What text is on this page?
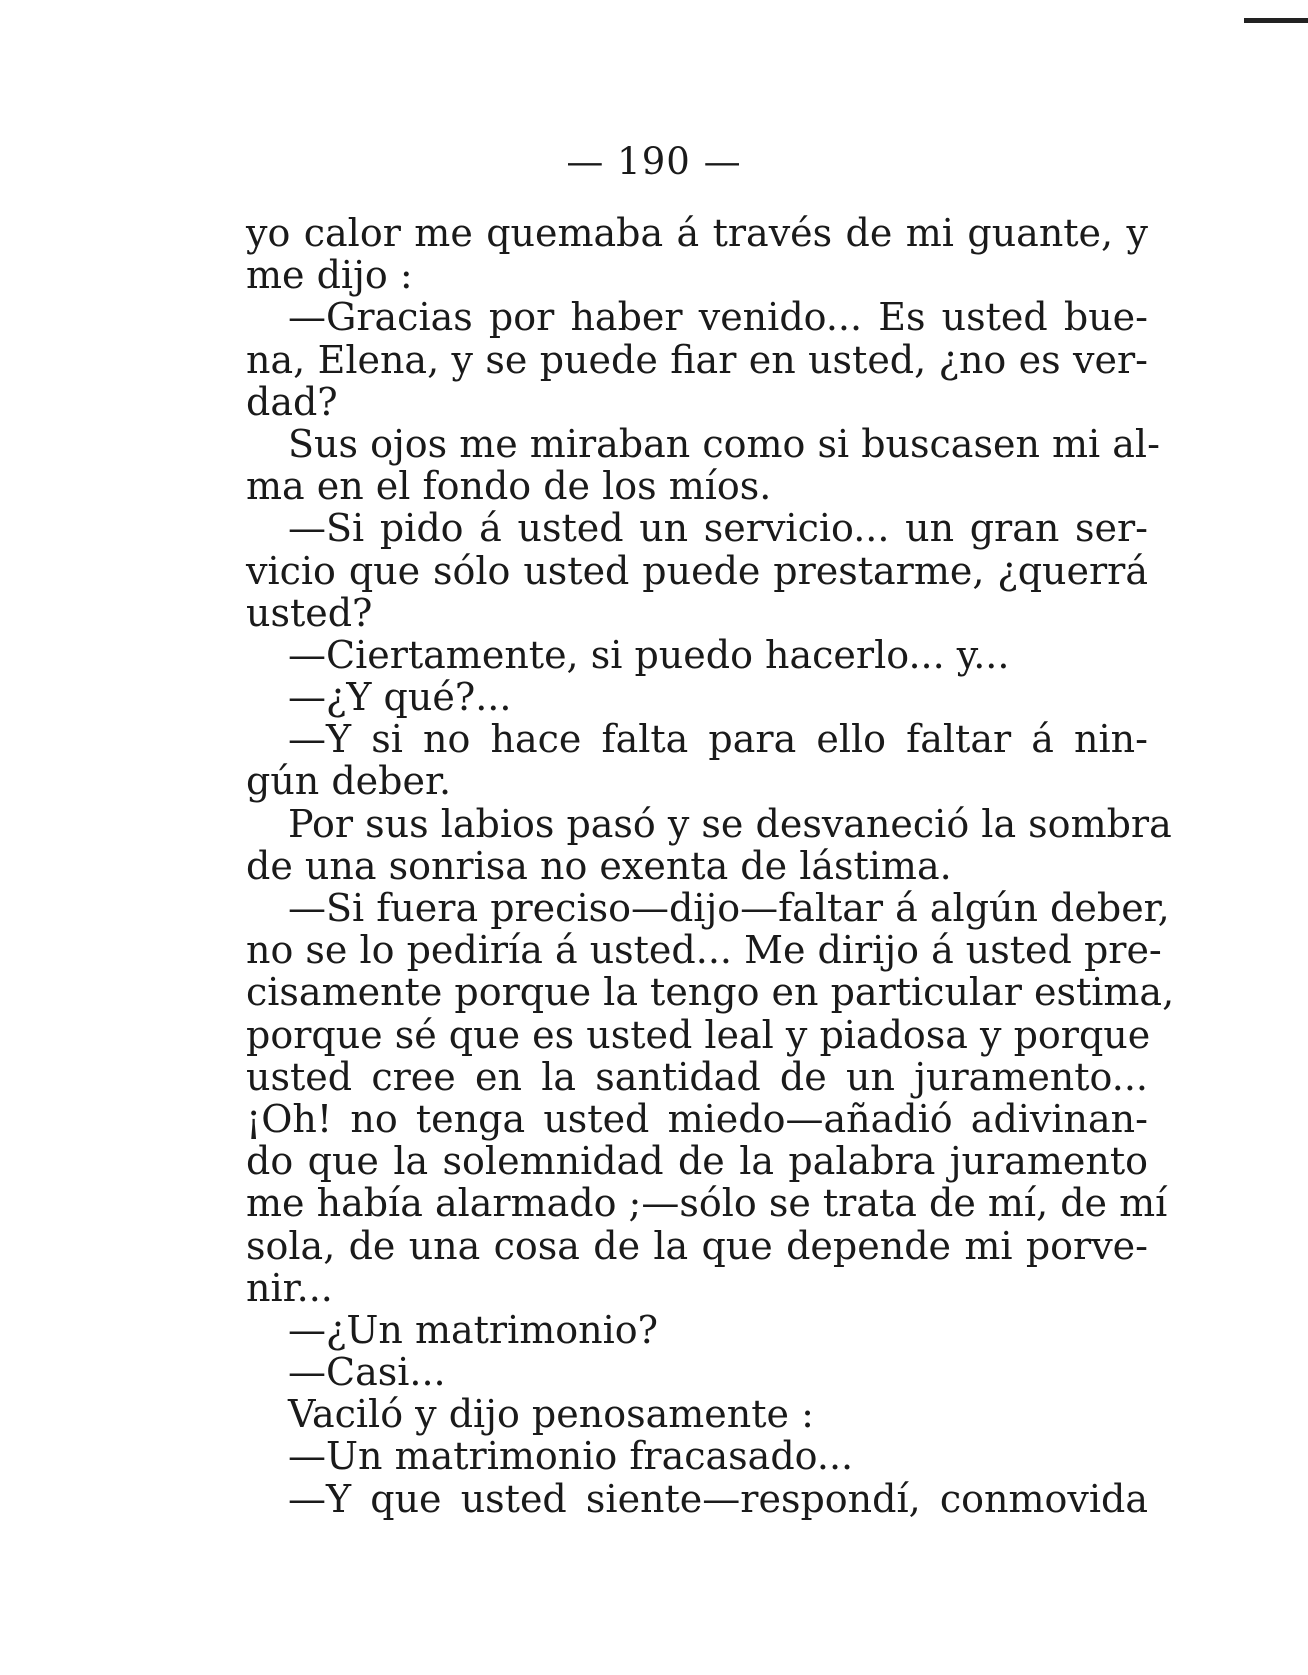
— 190 —
yo calor me quemaba á través de mi guante, y
me dijo :
—Gracias por haber venido... Es usted bue-
na, Elena, y se puede fiar en usted, ¿no es ver-
dad?
Sus ojos me miraban como si buscasen mi al-
ma en el fondo de los míos.
—Si pido á usted un servicio... un gran ser-
vicio que sólo usted puede prestarme, ¿querrá
usted?
—Ciertamente, si puedo hacerlo... y...
—¿Y qué?...
—Y si no hace falta para ello faltar á nin-
gún deber.
Por sus labios pasó y se desvaneció la sombra
de una sonrisa no exenta de lástima.
—Si fuera preciso—dijo—faltar á algún deber,
no se lo pediría á usted... Me dirijo á usted pre-
cisamente porque la tengo en particular estima,
porque sé que es usted leal y piadosa y porque
usted cree en la santidad de un juramento...
¡Oh! no tenga usted miedo—añadió adivinan-
do que la solemnidad de la palabra juramento
me había alarmado ;—sólo se trata de mí, de mí
sola, de una cosa de la que depende mi porve-
nir...
—¿Un matrimonio?
—Casi...
Vaciló y dijo penosamente :
—Un matrimonio fracasado...
—Y que usted siente—respondí, conmovida
